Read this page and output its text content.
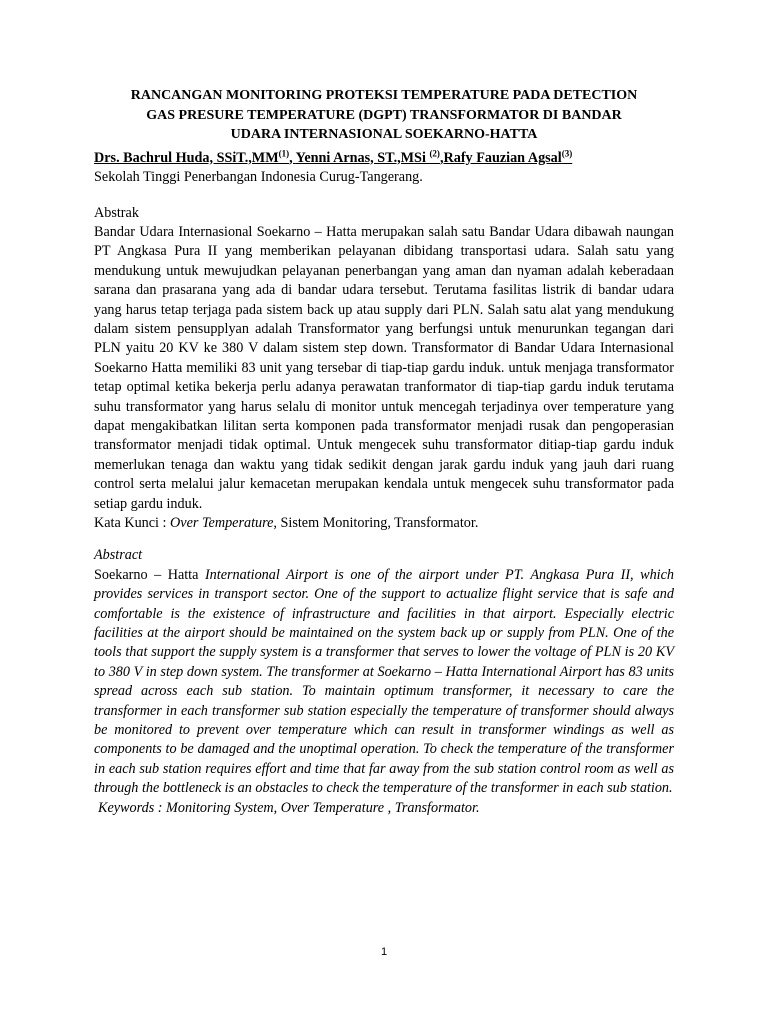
RANCANGAN MONITORING PROTEKSI TEMPERATURE PADA DETECTION
GAS PRESURE TEMPERATURE (DGPT) TRANSFORMATOR DI BANDAR
UDARA INTERNASIONAL SOEKARNO-HATTA
Drs. Bachrul Huda, SSiT.,MM$^{(1)}$, Yenni Arnas, ST.,MSi $^{(2)}$,Rafy Fauzian Agsal$^{(3)}$

Sekolah Tinggi Penerbangan Indonesia Curug-Tangerang.

Abstrak

Bandar Udara Internasional Soekarno – Hatta merupakan salah satu Bandar Udara dibawah naungan PT Angkasa Pura II yang memberikan pelayanan dibidang transportasi udara. Salah satu yang mendukung untuk mewujudkan pelayanan penerbangan yang aman dan nyaman adalah keberadaan sarana dan prasarana yang ada di bandar udara tersebut. Terutama fasilitas listrik di bandar udara yang harus tetap terjaga pada sistem back up atau supply dari PLN. Salah satu alat yang mendukung dalam sistem pensupplyan adalah Transformator yang berfungsi untuk menurunkan tegangan dari PLN yaitu 20 KV ke 380 V dalam sistem step down. Transformator di Bandar Udara Internasional Soekarno Hatta memiliki 83 unit yang tersebar di tiap-tiap gardu induk. untuk menjaga transformator tetap optimal ketika bekerja perlu adanya perawatan tranformator di tiap-tiap gardu induk terutama suhu transformator yang harus selalu di monitor untuk mencegah terjadinya over temperature yang dapat mengakibatkan lilitan serta komponen pada transformator menjadi rusak dan pengoperasian transformator menjadi tidak optimal. Untuk mengecek suhu transformator ditiap-tiap gardu induk memerlukan tenaga dan waktu yang tidak sedikit dengan jarak gardu induk yang jauh dari ruang control serta melalui jalur kemacetan merupakan kendala untuk mengecek suhu transformator pada setiap gardu induk.

Kata Kunci : Over Temperature, Sistem Monitoring, Transformator.

Abstract

Soekarno – Hatta International Airport is one of the airport under PT. Angkasa Pura II, which provides services in transport sector. One of the support to actualize flight service that is safe and comfortable is the existence of infrastructure and facilities in that airport. Especially electric facilities at the airport should be maintained on the system back up or supply from PLN. One of the tools that support the supply system is a transformer that serves to lower the voltage of PLN is 20 KV to 380 V in step down system. The transformer at Soekarno – Hatta International Airport has 83 units spread across each sub station. To maintain optimum transformer, it necessary to care the transformer in each transformer sub station especially the temperature of transformer should always be monitored to prevent over temperature which can result in transformer windings as well as components to be damaged and the unoptimal operation. To check the temperature of the transformer in each sub station requires effort and time that far away from the sub station control room as well as through the bottleneck is an obstacles to check the temperature of the transformer in each sub station.

Keywords : Monitoring System, Over Temperature , Transformator.

1
